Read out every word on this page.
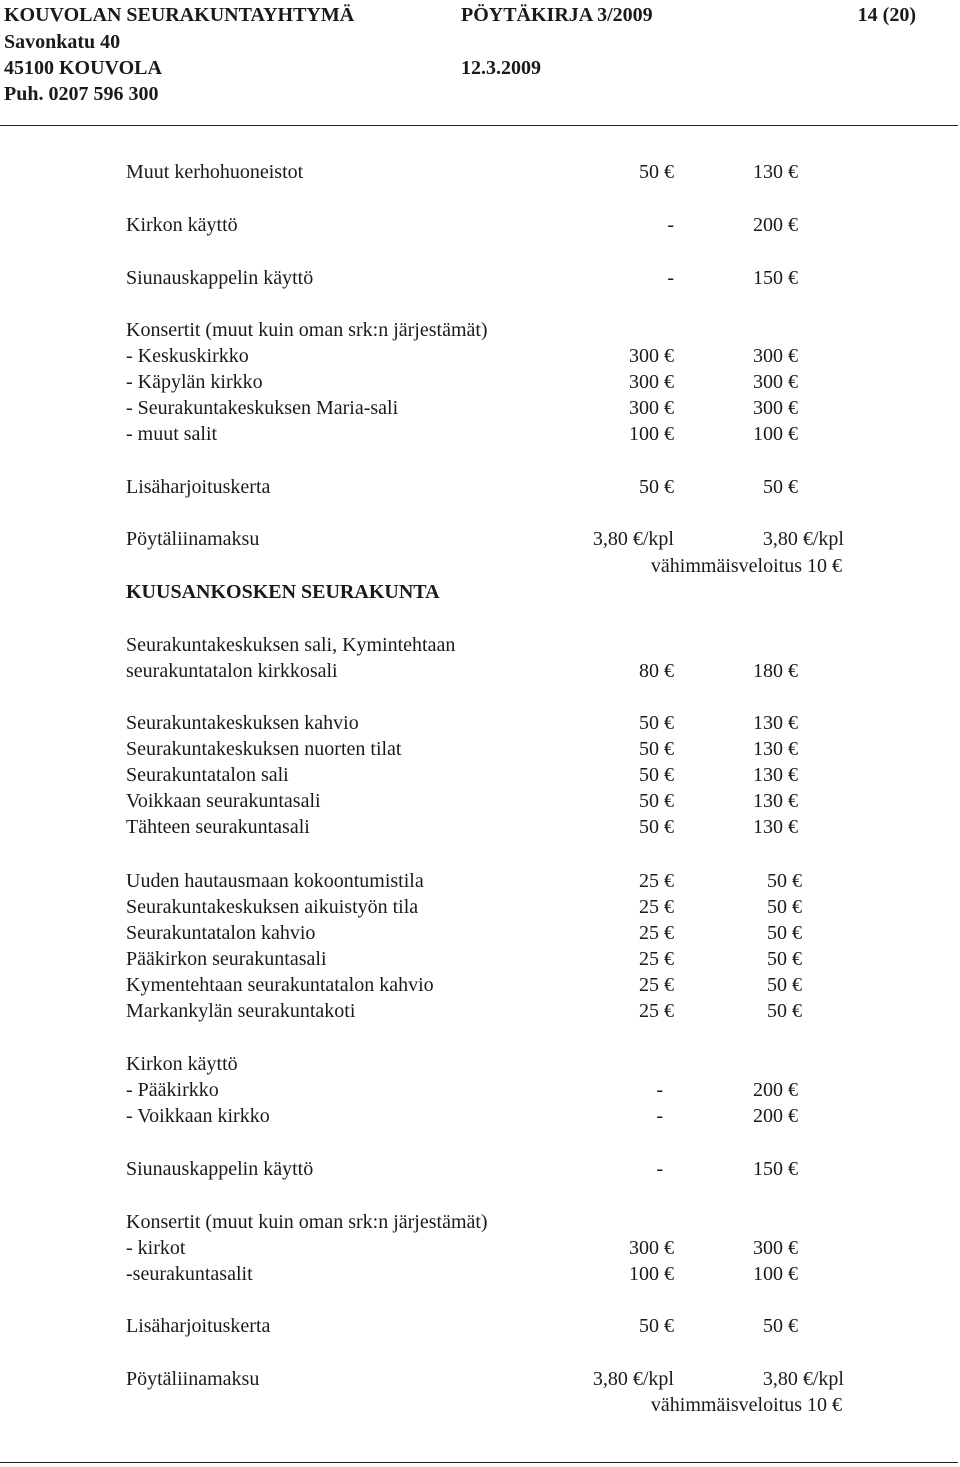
KOUVOLAN SEURAKUNTAYHTYMÄ	PÖYTÄKIRJA 3/2009	14 (20)
Savonkatu 40
45100 KOUVOLA	12.3.2009
Puh. 0207 596 300
Muut kerhohuoneistot	50 €	130 €
Kirkon käyttö	-	200 €
Siunauskappelin käyttö	-	150 €
Konsertit (muut kuin oman srk:n järjestämät)
- Keskuskirkko	300 €	300 €
- Käpylän kirkko	300 €	300 €
- Seurakuntakeskuksen Maria-sali	300 €	300 €
- muut salit	100 €	100 €
Lisäharjoituskerta	50 €	50 €
Pöytäliinamaksu	3,80 €/kpl	3,80 €/kpl
vähimmäisveloitus 10 €
KUUSANKOSKEN SEURAKUNTA
Seurakuntakeskuksen sali, Kymintehtaan
seurakuntatalon kirkkosali	80 €	180 €
Seurakuntakeskuksen kahvio	50 €	130 €
Seurakuntakeskuksen nuorten tilat	50 €	130 €
Seurakuntatalon sali	50 €	130 €
Voikkaan seurakuntasali	50 €	130 €
Tähteen seurakuntasali	50 €	130 €
Uuden hautausmaan kokoontumistila	25 €	50 €
Seurakuntakeskuksen aikuistyön tila	25 €	50 €
Seurakuntatalon kahvio	25 €	50 €
Pääkirkon seurakuntasali	25 €	50 €
Kymentehtaan seurakuntatalon kahvio	25 €	50 €
Markankylän seurakuntakoti	25 €	50 €
Kirkon käyttö
- Pääkirkko	-	200 €
- Voikkaan kirkko	-	200 €
Siunauskappelin käyttö	-	150 €
Konsertit (muut kuin oman srk:n järjestämät)
- kirkot	300 €	300 €
-seurakuntasalit	100 €	100 €
Lisäharjoituskerta	50 €	50 €
Pöytäliinamaksu	3,80 €/kpl	3,80 €/kpl
vähimmäisveloitus 10 €
